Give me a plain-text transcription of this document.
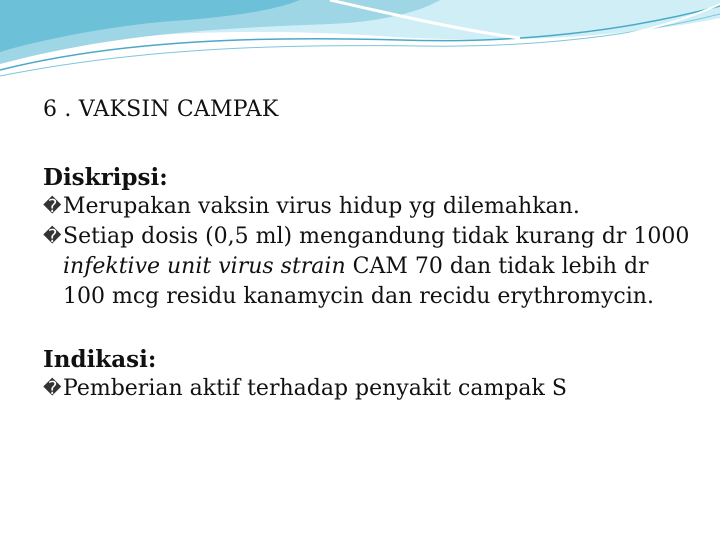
6 . VAKSIN CAMPAK
Diskripsi:
� Merupakan vaksin virus hidup yg dilemahkan.
� Setiap dosis (0,5 ml) mengandung tidak kurang dr 1000 infektive unit virus strain CAM 70 dan tidak lebih dr 100 mcg residu kanamycin dan recidu erythromycin.
Indikasi:
� Pemberian aktif terhadap penyakit campak S
